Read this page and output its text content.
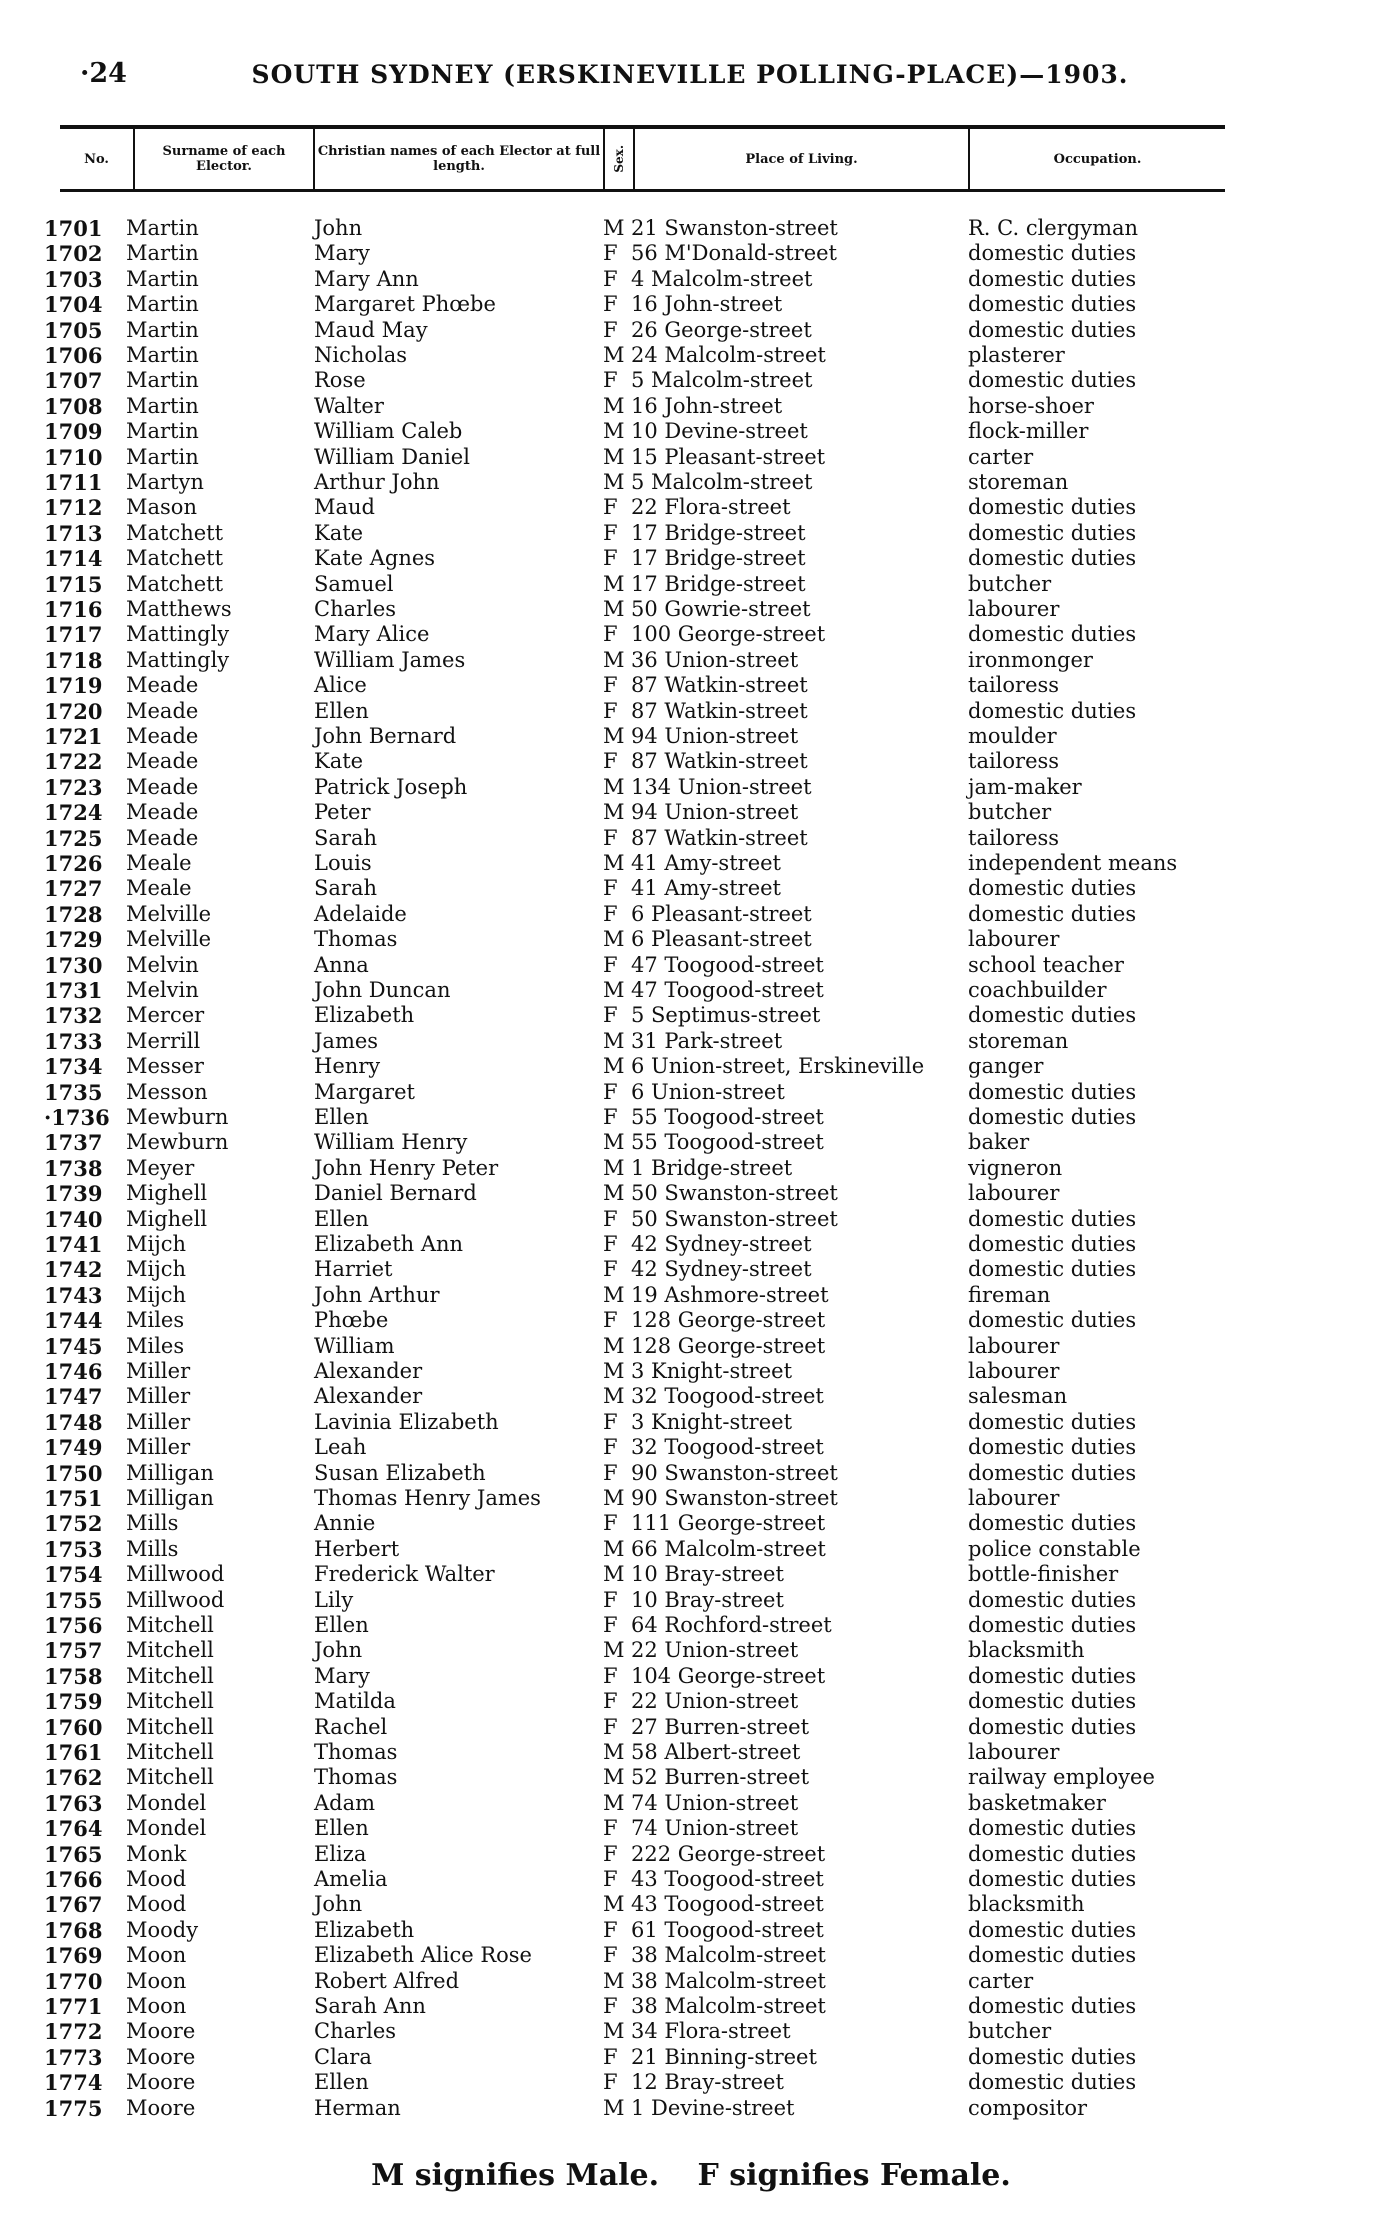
·24	SOUTH SYDNEY (ERSKINEVILLE POLLING-PLACE)—1903.
No.	Surname of each Elector.
Christian names of each Elector at full length.	Sex.	Place of Living.	Occupation.
1701 Martin	John	M 21 Swanston-street	R. C. clergyman
1702 Martin	Mary	F 56 M'Donald-street	domestic duties
1703 Martin	Mary Ann	F 4 Malcolm-street	domestic duties
1704 Martin	Margaret Phœbe	F 16 John-street	domestic duties
1705 Martin	Maud May	F 26 George-street	domestic duties
1706 Martin	Nicholas	M 24 Malcolm-street	plasterer
1707 Martin	Rose	F 5 Malcolm-street	domestic duties
1708 Martin	Walter	M 16 John-street	horse-shoer
1709 Martin	William Caleb	M 10 Devine-street	flock-miller
1710 Martin	William Daniel	M 15 Pleasant-street	carter
1711 Martyn	Arthur John	M 5 Malcolm-street	storeman
1712 Mason	Maud	F 22 Flora-street	domestic duties
1713 Matchett	Kate	F 17 Bridge-street	domestic duties
1714 Matchett	Kate Agnes	F 17 Bridge-street	domestic duties
1715 Matchett	Samuel	M 17 Bridge-street	butcher
1716 Matthews	Charles	M 50 Gowrie-street	labourer
1717 Mattingly	Mary Alice	F 100 George-street	domestic duties
1718 Mattingly	William James	M 36 Union-street	ironmonger
1719 Meade	Alice	F 87 Watkin-street	tailoress
1720 Meade	Ellen	F 87 Watkin-street	domestic duties
1721 Meade	John Bernard	M 94 Union-street	moulder
1722 Meade	Kate	F 87 Watkin-street	tailoress
1723 Meade	Patrick Joseph	M 134 Union-street	jam-maker
1724 Meade	Peter	M 94 Union-street	butcher
1725 Meade	Sarah	F 87 Watkin-street	tailoress
1726 Meale	Louis	M 41 Amy-street	independent means
1727 Meale	Sarah	F 41 Amy-street	domestic duties
1728 Melville	Adelaide	F 6 Pleasant-street	domestic duties
1729 Melville	Thomas	M 6 Pleasant-street	labourer
1730 Melvin	Anna	F 47 Toogood-street	school teacher
1731 Melvin	John Duncan	M 47 Toogood-street	coachbuilder
1732 Mercer	Elizabeth	F 5 Septimus-street	domestic duties
1733 Merrill	James	M 31 Park-street	storeman
1734 Messer	Henry	M 6 Union-street, Erskineville ganger
1735 Messon	Margaret	F 6 Union-street	domestic duties
·1736 Mewburn	Ellen	F 55 Toogood-street	domestic duties
1737 Mewburn	William Henry	M 55 Toogood-street	baker
1738 Meyer	John Henry Peter	M 1 Bridge-street	vigneron
1739 Mighell	Daniel Bernard	M 50 Swanston-street	labourer
1740 Mighell	Ellen	F 50 Swanston-street	domestic duties
1741 Mijch	Elizabeth Ann	F 42 Sydney-street	domestic duties
1742 Mijch	Harriet	F 42 Sydney-street	domestic duties
1743 Mijch	John Arthur	M 19 Ashmore-street	fireman
1744 Miles	Phœbe	F 128 George-street	domestic duties
1745 Miles	William	M 128 George-street	labourer
1746 Miller	Alexander	M 3 Knight-street	labourer
1747 Miller	Alexander	M 32 Toogood-street	salesman
1748 Miller	Lavinia Elizabeth	F 3 Knight-street	domestic duties
1749 Miller	Leah	F 32 Toogood-street	domestic duties
1750 Milligan	Susan Elizabeth	F 90 Swanston-street	domestic duties
1751 Milligan	Thomas Henry James	M 90 Swanston-street	labourer
1752 Mills	Annie	F 111 George-street	domestic duties
1753 Mills	Herbert	M 66 Malcolm-street	police constable
1754 Millwood	Frederick Walter	M 10 Bray-street	bottle-finisher
1755 Millwood	Lily	F 10 Bray-street	domestic duties
1756 Mitchell	Ellen	F 64 Rochford-street	domestic duties
1757 Mitchell	John	M 22 Union-street	blacksmith
1758 Mitchell	Mary	F 104 George-street	domestic duties
1759 Mitchell	Matilda	F 22 Union-street	domestic duties
1760 Mitchell	Rachel	F 27 Burren-street	domestic duties
1761 Mitchell	Thomas	M 58 Albert-street	labourer
1762 Mitchell	Thomas	M 52 Burren-street	railway employee
1763 Mondel	Adam	M 74 Union-street	basketmaker
1764 Mondel	Ellen	F 74 Union-street	domestic duties
1765 Monk	Eliza	F 222 George-street	domestic duties
1766 Mood	Amelia	F 43 Toogood-street	domestic duties
1767 Mood	John	M 43 Toogood-street	blacksmith
1768 Moody	Elizabeth	F 61 Toogood-street	domestic duties
1769 Moon	Elizabeth Alice Rose	F 38 Malcolm-street	domestic duties
1770 Moon	Robert Alfred	M 38 Malcolm-street	carter
1771 Moon	Sarah Ann	F 38 Malcolm-street	domestic duties
1772 Moore	Charles	M 34 Flora-street	butcher
1773 Moore	Clara	F 21 Binning-street	domestic duties
1774 Moore	Ellen	F 12 Bray-street	domestic duties
1775 Moore	Herman	M 1 Devine-street	compositor
M signifies Male. F signifies Female.
